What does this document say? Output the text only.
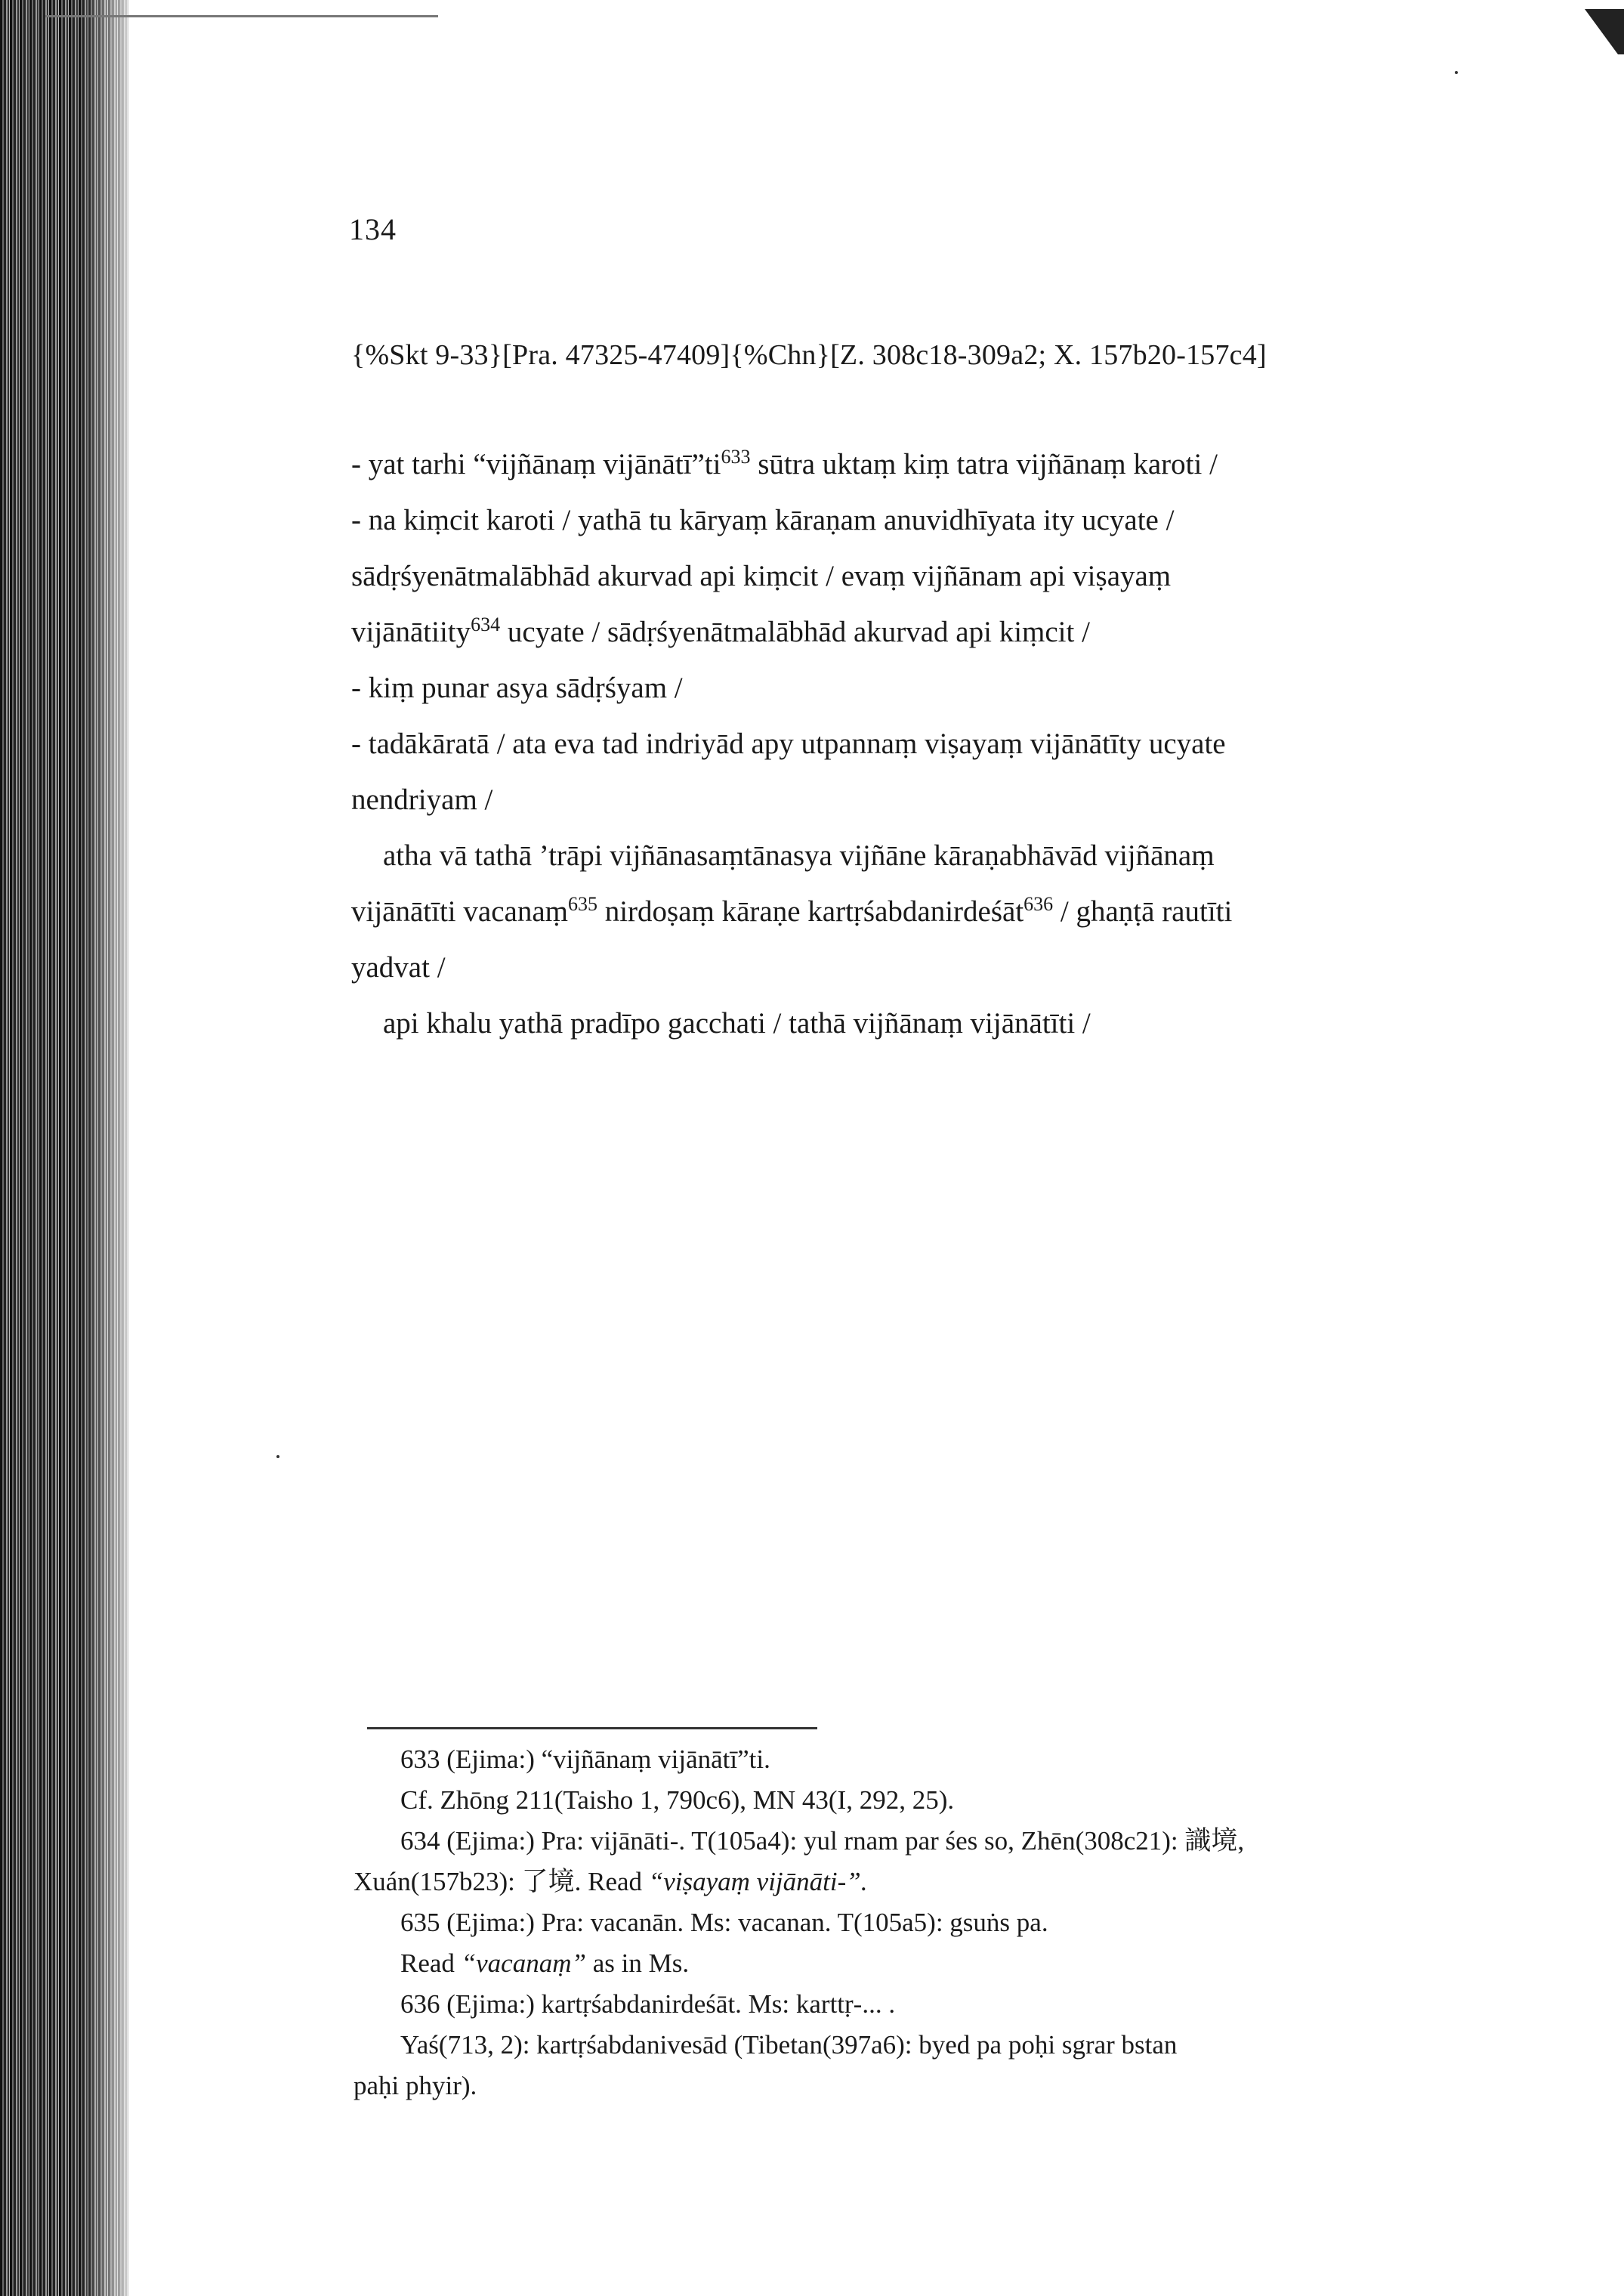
134
{%Skt 9-33}[Pra. 47325-47409]{%Chn}[Z. 308c18-309a2; X. 157b20-157c4]
- yat tarhi “vijñānaṃ $vijānātī”ti^{633}$ sūtra uktaṃ kiṃ tatra vijñānaṃ karoti /
- na kiṃcit karoti / yathā tu kāryaṃ kāraṇam anuvidhīyata ity ucyate /
sādṛśyenātmalābhād akurvad api kiṃcit / evaṃ vijñānam api viṣayaṃ
vijānātiity$^{634}$ ucyate / sādṛśyenātmalābhād akurvad api kiṃcit /
- kiṃ punar asya sādṛśyam /
- tadākāratā / ata eva tad indriyād apy utpannaṃ viṣayaṃ vijānātīty ucyate
nendriyam /
atha vā tathā ’trāpi vijñānasaṃtānasya vijñāne kāraṇabhāvād vijñānaṃ
vijānātīti vacanaṃ$^{635}$ nirdoṣaṃ kāraṇe kartṛśabdanirdeśāt$^{636}$ / ghaṇṭā rautīti
yadvat /
api khalu yathā pradīpo gacchati / tathā vijñānaṃ vijānātīti /
633 (Ejima:) “vijñānaṃ vijānātī”ti.
Cf. Zhōng 211(Taisho 1, 790c6), MN 43(I, 292, 25).
634 (Ejima:) Pra: vijānāti-. T(105a4): yul rnam par śes so, Zhēn(308c21): 識境,
Xuán(157b23): 了境. Read “viṣayaṃ vijānāti-”.
635 (Ejima:) Pra: vacanān. Ms: vacanan. T(105a5): gsuṅs pa.
Read “vacanaṃ” as in Ms.
636 (Ejima:) kartṛśabdanirdeśāt. Ms: karttṛ-... .
Yaś(713, 2): kartṛśabdanivesād (Tibetan(397a6): byed pa poḥi sgrar bstan
paḥi phyir).
